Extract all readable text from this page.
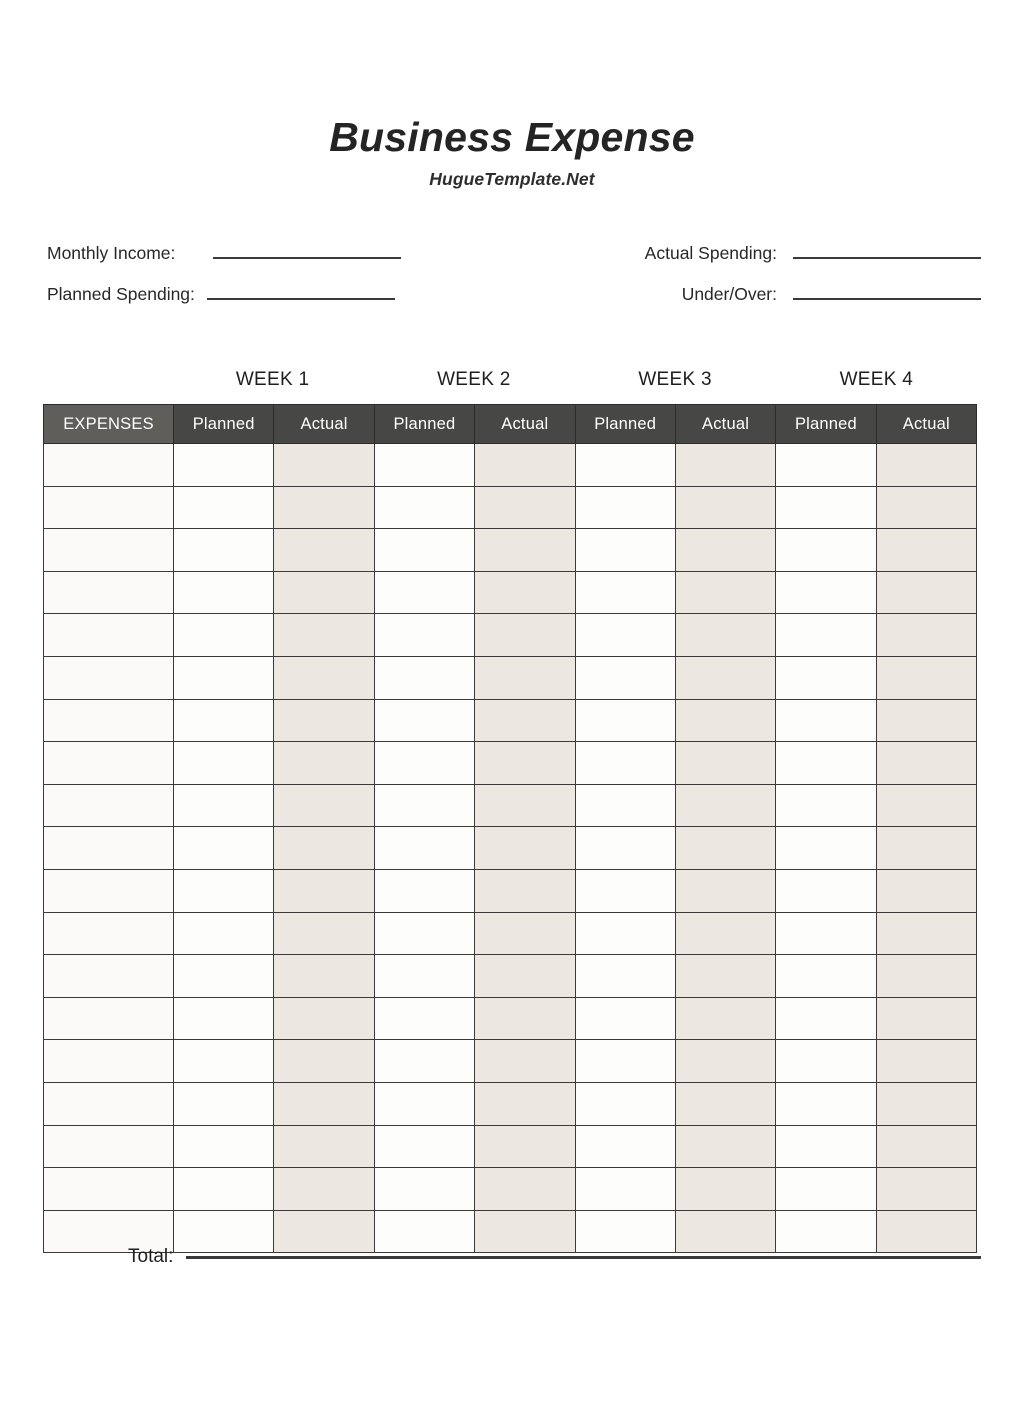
Business Expense
HugueTemplate.Net
Monthly Income:
Planned Spending:
Actual Spending:
Under/Over:
WEEK 1	WEEK 2	WEEK 3	WEEK 4
EXPENSES	Planned	Actual	Planned	Actual	Planned	Actual	Planned	Actual

Total:
